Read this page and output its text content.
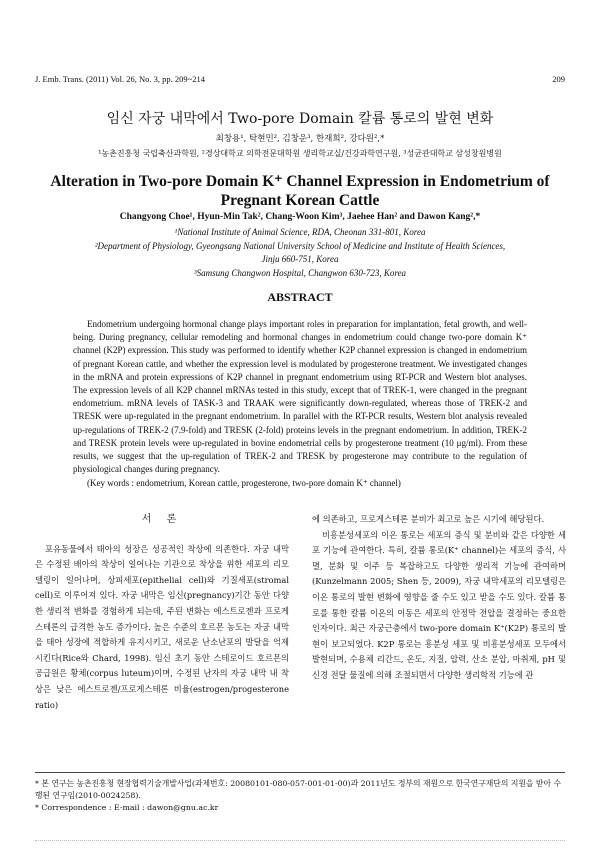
J. Emb. Trans. (2011) Vol. 26, No. 3, pp. 209~214	209
임신 자궁 내막에서 Two-pore Domain 칼륨 통로의 발현 변화
최창용¹, 탁현민², 김창운³, 한재희², 강다원²,*
¹농촌진흥청 국립축산과학원, ²경상대학교 의학전문대학원 생리학교실/건강과학연구원, ³성균관대학교 삼성창원병원
Alteration in Two-pore Domain K⁺ Channel Expression in Endometrium of
Pregnant Korean Cattle
Changyong Choe¹, Hyun-Min Tak², Chang-Woon Kim³, Jaehee Han² and Dawon Kang²,*
¹National Institute of Animal Science, RDA, Cheonan 331-801, Korea
²Department of Physiology, Gyeongsang National University School of Medicine and Institute of Health Sciences,
Jinju 660-751, Korea
³Samsung Changwon Hospital, Changwon 630-723, Korea
ABSTRACT

Endometrium undergoing hormonal change plays important roles in preparation for implantation, fetal growth, and well-being. During pregnancy, cellular remodeling and hormonal changes in endometrium could change two-pore domain K⁺ channel (K2P) expression. This study was performed to identify whether K2P channel expression is changed in endometrium of pregnant Korean cattle, and whether the expression level is modulated by progesterone treatment. We investigated changes in the mRNA and protein expressions of K2P channel in pregnant endometrium using RT-PCR and Western blot analyses. The expression levels of all K2P channel mRNAs tested in this study, except that of TREK-1, were changed in the pregnant endometrium. mRNA levels of TASK-3 and TRAAK were significantly down-regulated, whereas those of TREK-2 and TRESK were up-regulated in the pregnant endometrium. In parallel with the RT-PCR results, Western blot analysis revealed up-regulations of TREK-2 (7.9-fold) and TRESK (2-fold) proteins levels in the pregnant endometrium. In addition, TREK-2 and TRESK protein levels were up-regulated in bovine endometrial cells by progesterone treatment (10 μg/ml). From these results, we suggest that the up-regulation of TREK-2 and TRESK by progesterone may contribute to the regulation of physiological changes during pregnancy.

(Key words : endometrium, Korean cattle, progesterone, two-pore domain K⁺ channel)
서 론

포유동물에서 태아의 성장은 성공적인 착상에 의존한다. 자궁 내막은 수정된 배아의 착상이 일어나는 기관으로 착상을 위한 세포의 리모델링이 일어나며, 상피세포(epithelial cell)와 기질세포(stromal cell)로 이루어져 있다. 자궁 내막은 임신(pregnancy)기간 동안 다양한 생리적 변화를 경험하게 되는데, 주된 변화는 에스트로젠과 프로게스테론의 급격한 농도 증가이다. 높은 수준의 호르몬 농도는 자궁 내막을 태아 성장에 적합하게 유지시키고, 새로운 난소난포의 발달을 억제시킨다(Rice와 Chard, 1998). 임신 초기 동안 스테로이드 호르몬의 공급원은 황체(corpus luteum)이며, 수정된 난자의 자궁 내막 내 착상은 낮은 에스트로젠/프로게스테론 비율(estrogen/progesterone ratio)

에 의존하고, 프로게스테론 분비가 최고로 높은 시기에 해당된다.

비흥분성세포의 이온 통로는 세포의 증식 및 분비와 같은 다양한 세포 기능에 관여한다. 특히, 칼륨 통로(K⁺ channel)는 세포의 증식, 사멸, 분화 및 이주 등 복잡하고도 다양한 생리적 기능에 관여하며(Kunzelmann 2005; Shen 등, 2009), 자궁 내막세포의 리모델링은 이온 통로의 발현 변화에 영향을 줄 수도 있고 받을 수도 있다. 칼륨 통로를 통한 칼륨 이온의 이동은 세포의 안정막 전압을 결정하는 중요한 인자이다. 최근 자궁근층에서 two-pore domain K⁺(K2P) 통로의 발현이 보고되었다. K2P 통로는 흥분성 세포 및 비흥분성세포 모두에서 발현되며, 수용체 리간드, 온도, 지질, 압력, 산소 분압, 마취제, pH 및 신경 전달 물질에 의해 조절되면서 다양한 생리학적 기능에 관

* 본 연구는 농촌진흥청 현장협력기술개발사업(과제번호: 20080101-080-057-001-01-00)과 2011년도 정부의 재원으로 한국연구재단의 지원을 받아 수행된 연구임(2010-0024258).
* Correspondence : E-mail : dawon@gnu.ac.kr
